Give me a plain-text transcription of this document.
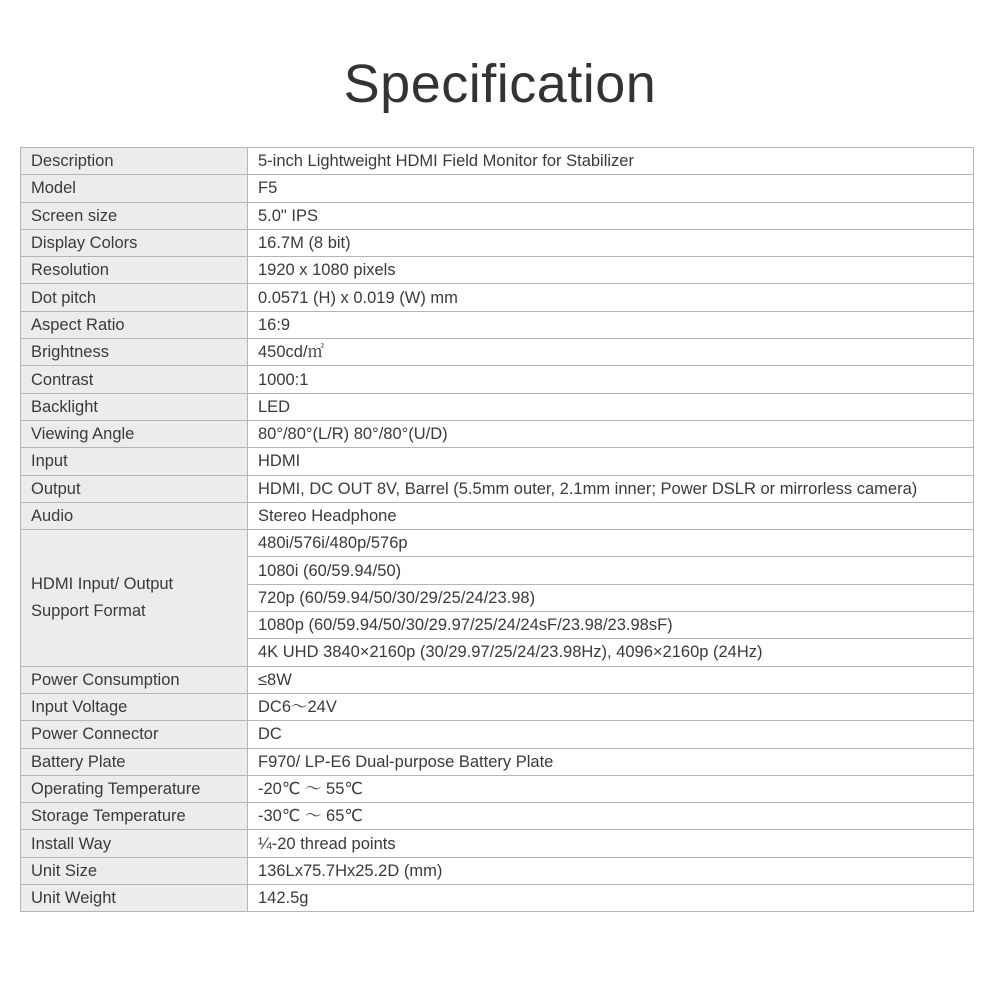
Specification
Description	5-inch Lightweight HDMI Field Monitor for Stabilizer
Model	F5
Screen size	5.0" IPS
Display Colors	16.7M (8 bit)
Resolution	1920 x 1080 pixels
Dot pitch	0.0571 (H) x 0.019 (W) mm
Aspect Ratio	16:9
Brightness	450cd/㎡
Contrast	1000:1
Backlight	LED
Viewing Angle	80°/80°(L/R) 80°/80°(U/D)
Input	HDMI
Output	HDMI, DC OUT 8V, Barrel (5.5mm outer, 2.1mm inner; Power DSLR or mirrorless camera)
Audio	Stereo Headphone
HDMI Input/ Output
Support Format	480i/576i/480p/576p
	1080i (60/59.94/50)
	720p (60/59.94/50/30/29/25/24/23.98)
	1080p (60/59.94/50/30/29.97/25/24/24sF/23.98/23.98sF)
	4K UHD 3840×2160p (30/29.97/25/24/23.98Hz), 4096×2160p (24Hz)
Power Consumption	≤8W
Input Voltage	DC6～24V
Power Connector	DC
Battery Plate	F970/ LP-E6 Dual-purpose Battery Plate
Operating Temperature	-20℃ ～ 55℃
Storage Temperature	-30℃ ～ 65℃
Install Way	¼-20 thread points
Unit Size	136Lx75.7Hx25.2D (mm)
Unit Weight	142.5g
